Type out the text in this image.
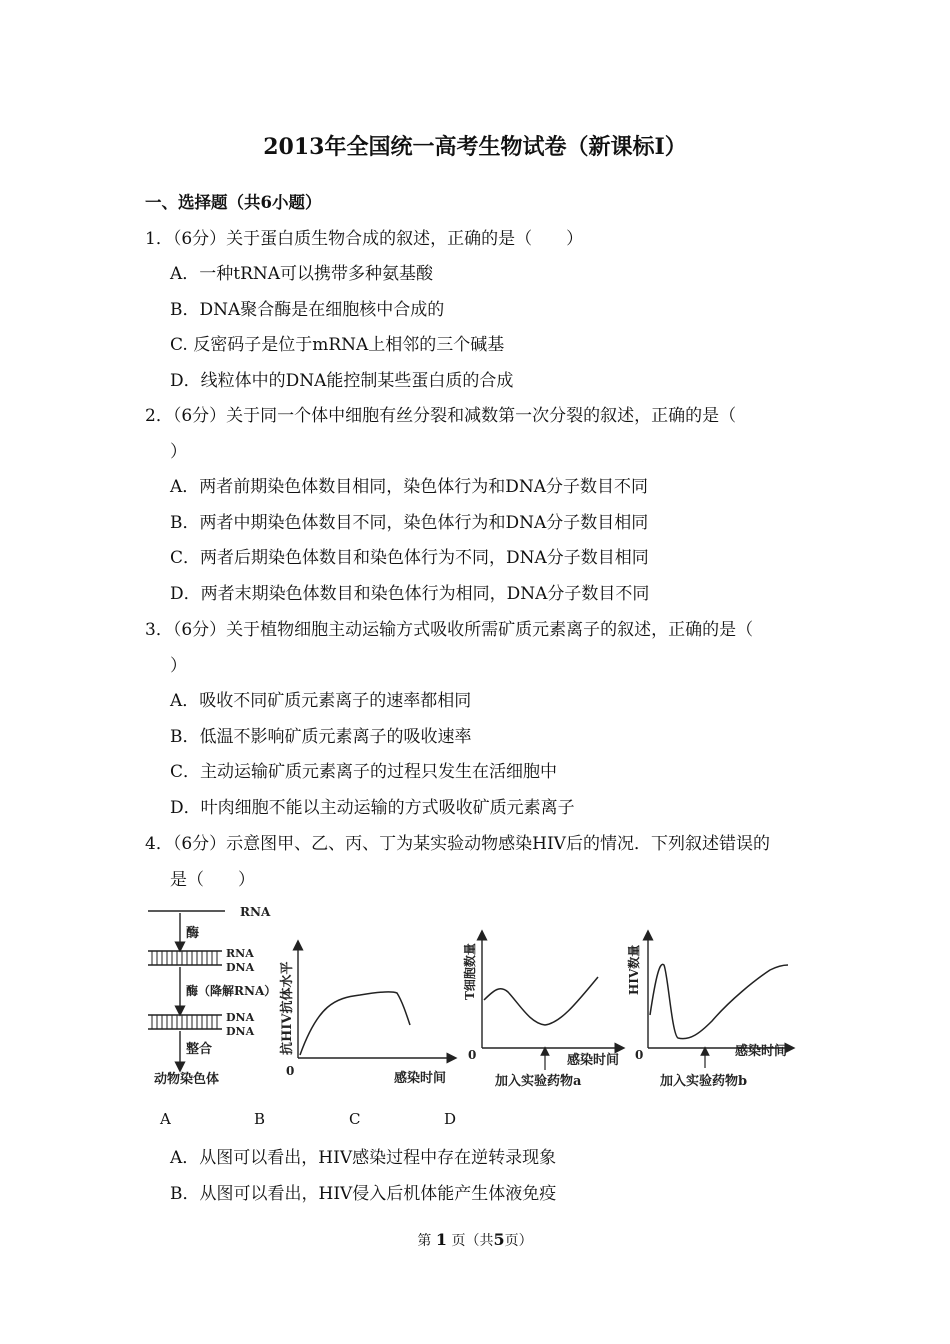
2013年全国统一高考生物试卷（新课标Ⅰ）
一、选择题（共6小题）
1．（6分）关于蛋白质生物合成的叙述，正确的是（　　）
A．一种tRNA可以携带多种氨基酸
B．DNA聚合酶是在细胞核中合成的
C. 反密码子是位于mRNA上相邻的三个碱基
D．线粒体中的DNA能控制某些蛋白质的合成
2．（6分）关于同一个体中细胞有丝分裂和减数第一次分裂的叙述，正确的是（
）
A．两者前期染色体数目相同，染色体行为和DNA分子数目不同
B．两者中期染色体数目不同，染色体行为和DNA分子数目相同
C．两者后期染色体数目和染色体行为不同，DNA分子数目相同
D．两者末期染色体数目和染色体行为相同，DNA分子数目不同
3．（6分）关于植物细胞主动运输方式吸收所需矿质元素离子的叙述，正确的是（
）
A．吸收不同矿质元素离子的速率都相同
B．低温不影响矿质元素离子的吸收速率
C．主动运输矿质元素离子的过程只发生在活细胞中
D．叶肉细胞不能以主动运输的方式吸收矿质元素离子
4．（6分）示意图甲、乙、丙、丁为某实验动物感染HIV后的情况．下列叙述错误的
是（　　）
RNA
酶
RNA
DNA
酶（降解RNA）
DNA
DNA
整合
动物染色体
抗HIV抗体水平
0	感染时间
T细胞数量
0	感染时间
加入实验药物a
HIV数量
0	感染时间
加入实验药物b
A	B	C	D
A．从图可以看出，HIV感染过程中存在逆转录现象
B．从图可以看出，HIV侵入后机体能产生体液免疫
第 1 页（共5页）
